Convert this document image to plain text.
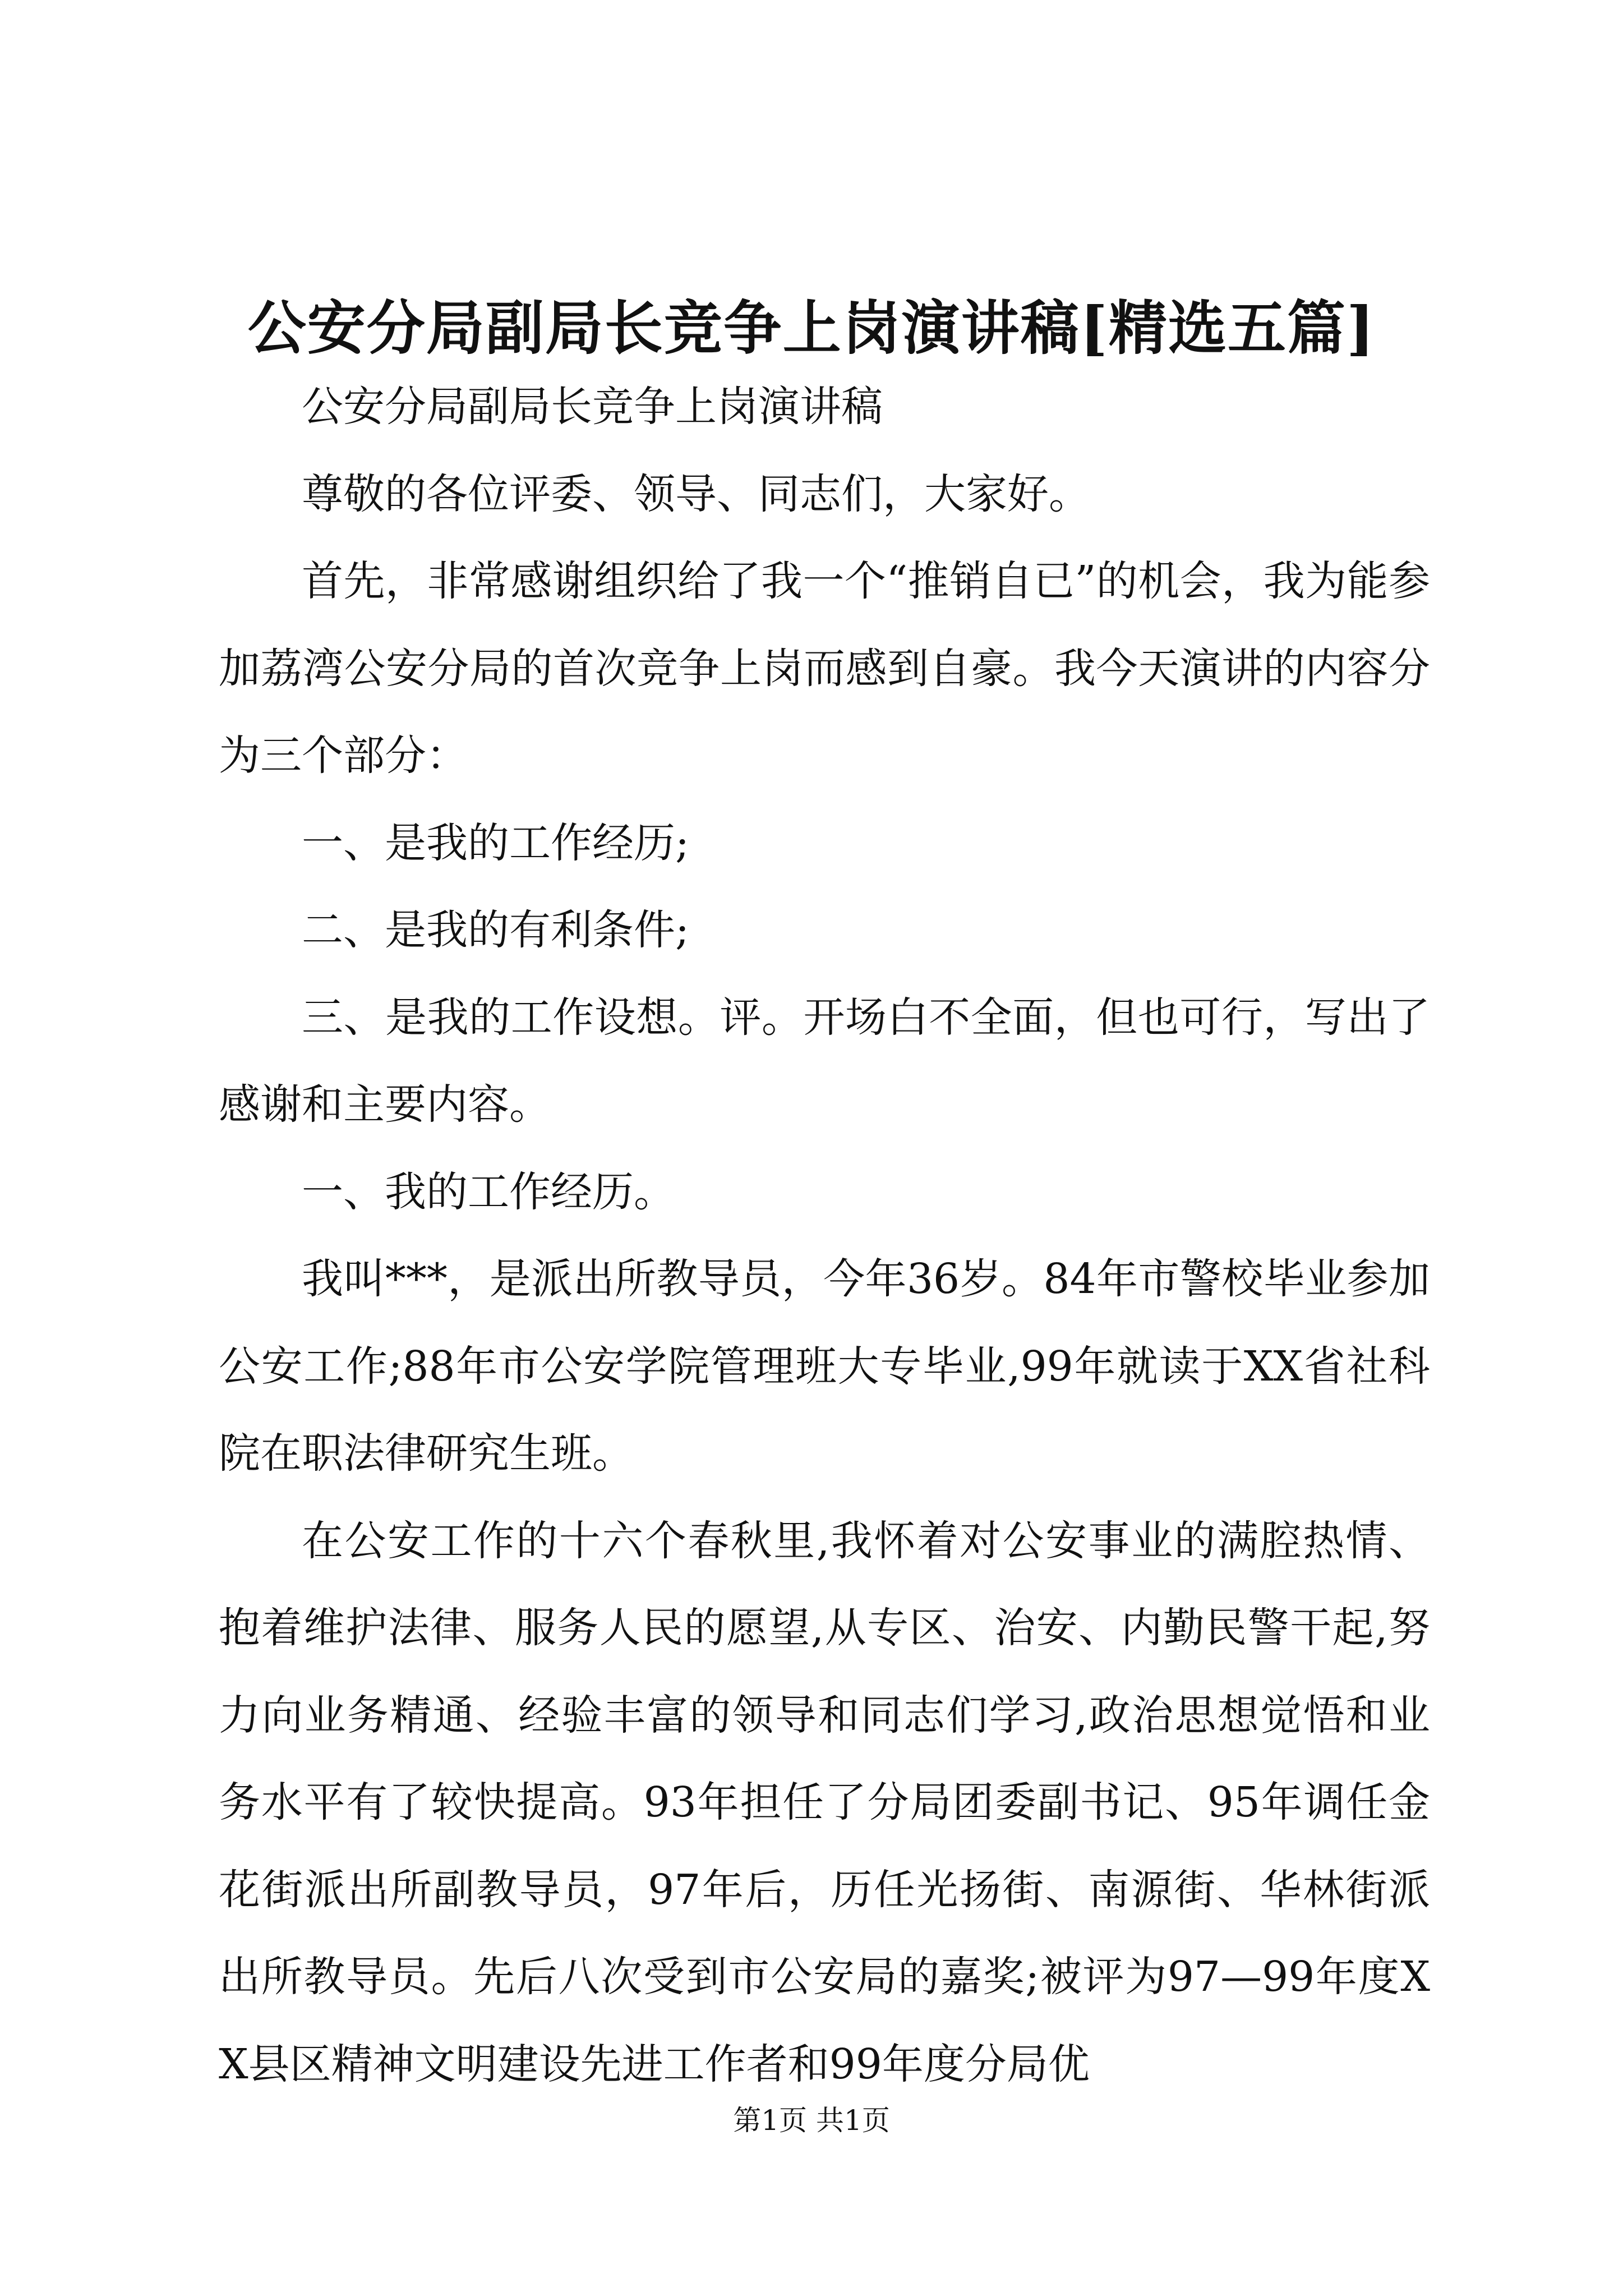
公安分局副局长竞争上岗演讲稿[精选五篇]

公安分局副局长竞争上岗演讲稿

尊敬的各位评委、领导、同志们，大家好。

首先，非常感谢组织给了我一个“推销自已”的机会，我为能参加荔湾公安分局的首次竞争上岗而感到自豪。我今天演讲的内容分为三个部分：

一、是我的工作经历;

二、是我的有利条件;

三、是我的工作设想。评。开场白不全面，但也可行，写出了感谢和主要内容。

一、我的工作经历。

我叫***，是派出所教导员，今年36岁。84年市警校毕业参加公安工作;88年市公安学院管理班大专毕业,99年就读于XX省社科院在职法律研究生班。

在公安工作的十六个春秋里,我怀着对公安事业的满腔热情、抱着维护法律、服务人民的愿望,从专区、治安、内勤民警干起,努力向业务精通、经验丰富的领导和同志们学习,政治思想觉悟和业务水平有了较快提高。93年担任了分局团委副书记、95年调任金花街派出所副教导员，97年后，历任光扬街、南源街、华林街派出所教导员。先后八次受到市公安局的嘉奖;被评为97—99年度XX县区精神文明建设先进工作者和99年度分局优

第1页 共1页
